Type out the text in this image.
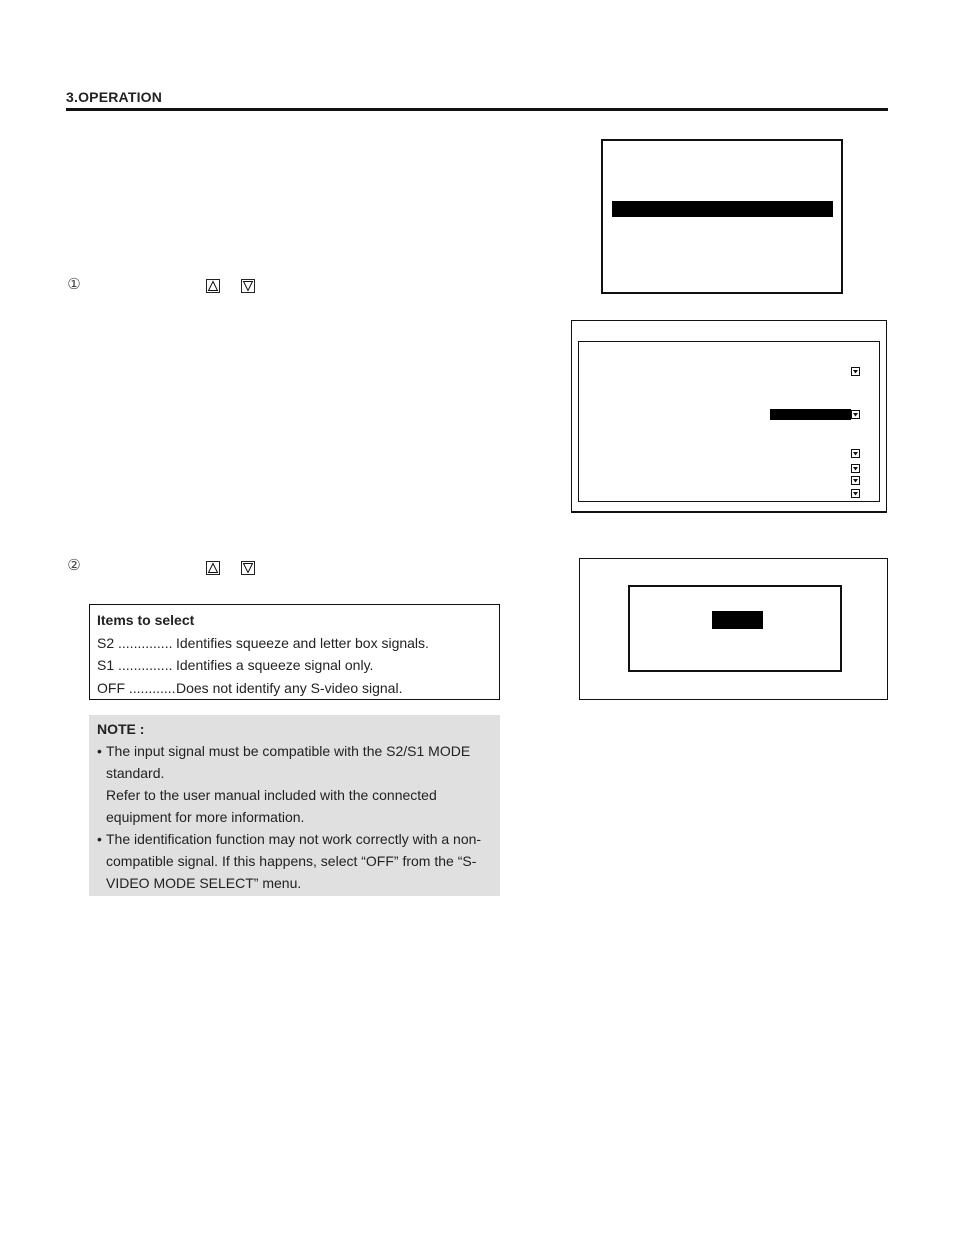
3.OPERATION
①
②
Items to select
S2 .............. Identifies squeeze and letter box signals.
S1 .............. Identifies a squeeze signal only.
OFF ............ Does not identify any S-video signal.
NOTE :
• The input signal must be compatible with the S2/S1 MODE standard.
Refer to the user manual included with the connected equipment for more information.
• The identification function may not work correctly with a non-compatible signal. If this happens, select “OFF” from the “S-VIDEO MODE SELECT” menu.
